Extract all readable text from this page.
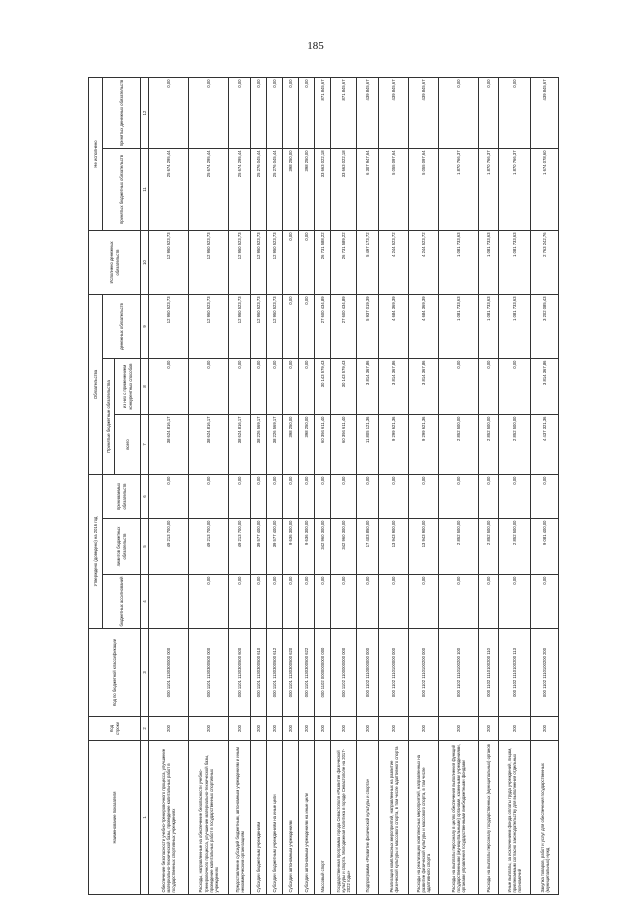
185
Наименование показателя	Код строки	Код по бюджетной классификации	Утверждено (доведено) на 2016 год			Обязательства			Исполнено денежных обязательств	Не исполнено	
			бюджетных ассигнований	лимитов бюджетных обязательств	принимаемых обязательств	Принятые бюджетные обязательства		денежных обязательств		принятых бюджетных обязательств	принятых денежных обязательств
						всего	из них с применением конкурентных способов				
1	2	3	4	5	6	7	8	9	10	11	12
Обеспечение безопасности учебно-тренировочного процесса, улучшение материально-технической базы, проведение капитальных работ в государственных спортивных учреждениях	200	000 1101 1130300000 000		49 213 700,00	0,00	38 624 816,17	0,00	12 950 523,73	12 950 523,73	25 674 295,44	0,00
Расходы, направленные на обеспечение безопасности учебно-тренировочного процесса, улучшение материально-технической базы, проведение капитальных работ в государственных спортивных учреждениях	200	000 1101 1130300500 000	0,00	49 213 700,00	0,00	38 624 816,17	0,00	12 950 523,73	12 950 523,73	25 674 295,44	0,00
Предоставление субсидий бюджетным, автономным учреждениям и иным некоммерческим организациям	200	000 1101 1130300500 600	0,00	49 213 700,00	0,00	38 624 816,17	0,00	12 950 523,73	12 950 523,73	25 674 295,44	0,00
Субсидии бюджетным учреждениям	200	000 1101 1130300500 610	0,00	39 577 400,00	0,00	38 226 569,17	0,00	12 950 523,73	12 950 523,73	25 276 045,44	0,00
Субсидии бюджетным учреждениям на иные цели	200	000 1101 1130300500 612	0,00	39 577 400,00	0,00	38 226 569,17	0,00	12 950 523,73	12 950 523,73	25 276 045,44	0,00
Субсидии автономным учреждениям	200	000 1101 1130300500 620	0,00	9 636 300,00	0,00	398 250,00	0,00	0,00	0,00	398 250,00	0,00
Субсидии автономным учреждениям на иные цели	200	000 1101 1130300500 622	0,00	9 636 300,00	0,00	398 250,00	0,00	0,00	0,00	398 250,00	0,00
Массовый спорт	200	000 1102 0000000000 000	0,00	342 960 300,00	0,00	60 394 611,40	30 143 579,43	27 600 434,89	26 731 588,22	33 663 022,18	871 845,67
Государственная программа города Севастополя «Развитие физической культуры и спорта. Молодежная политика в городе Севастополе на 2017-2022 годы»	200	000 1102 1100000000 000	0,00	342 960 300,00	0,00	60 394 611,40	30 143 579,43	27 600 434,89	26 731 589,22	33 663 022,18	871 845,67
Подпрограмма «Развитие физической культуры и спорта»	200	000 1102 1110000000 000	0,00	17 403 850,00	0,00	11 805 121,36	3 814 367,86	5 937 019,39	5 497 173,72	6 307 947,64	439 845,67
Реализация комплексных мероприятий, направленных на развитие физической культуры и массового спорта, в том числе адаптивного спорта	200	000 1102 1110100000 000	0,00	13 943 900,00	0,00	9 299 621,36	3 814 367,86	4 684 369,39	4 244 523,72	5 055 097,64	439 845,67
Расходы на реализацию комплексных мероприятий, направленных на развитие физической культуры и массового спорта, в том числе адаптивного спорта	200	000 1102 1110100200 000	0,00	13 943 900,00	0,00	9 299 621,36	3 814 367,86	4 684 369,39	4 244 523,72	5 055 097,64	439 845,67
Расходы на выплаты персоналу в целях обеспечения выполнения функций государственными (муниципальными) органами, казенными учреждениями, органами управления государственными внебюджетными фондами	200	000 1102 1110100200 100	0,00	2 852 500,00	0,00	2 852 500,00	0,00	1 081 733,63	1 081 733,63	1 870 766,37	0,00
Расходы на выплаты персоналу государственных (муниципальных) органов	200	000 1102 1110100200 110	0,00	2 852 500,00	0,00	2 852 500,00	0,00	1 081 733,63	1 081 733,63	1 870 766,37	0,00
Иные выплаты, за исключением фонда оплаты труда учреждений, лицам, привлекаемым согласно законодательству для выполнения отдельных полномочий	200	000 1102 1110100200 113	0,00	2 852 500,00	0,00	2 852 500,00	0,00	1 081 733,63	1 081 733,63	1 870 766,37	0,00
Закупка товаров, работ и услуг для обеспечения государственных (муниципальных) нужд	200	000 1102 1110100200 200	0,00	9 081 400,00	0,00	4 437 321,36	3 814 367,86	3 202 085,43	2 763 242,76	1 674 078,60	439 845,67
